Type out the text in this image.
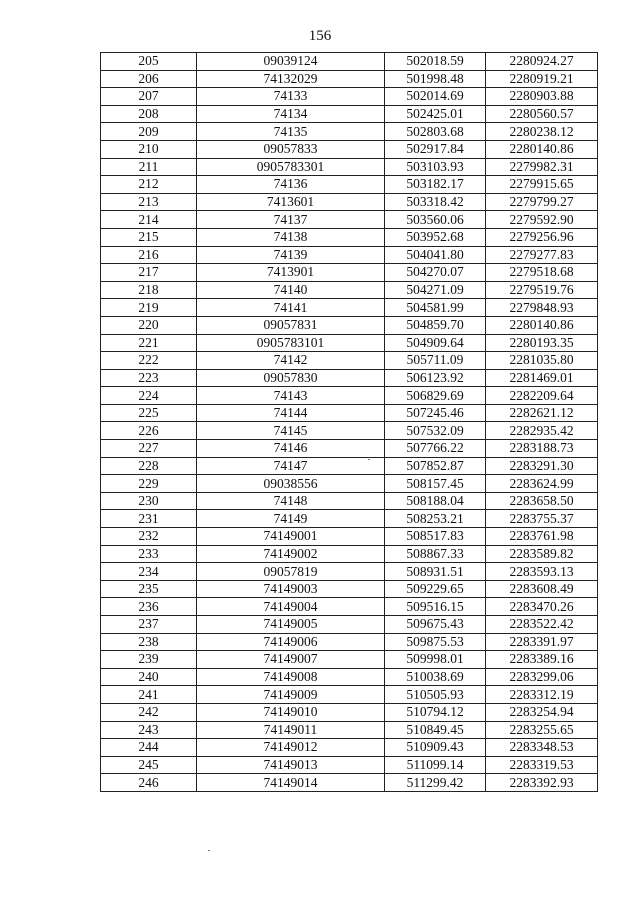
156
205	09039124	502018.59	2280924.27
206	74132029	501998.48	2280919.21
207	74133	502014.69	2280903.88
208	74134	502425.01	2280560.57
209	74135	502803.68	2280238.12
210	09057833	502917.84	2280140.86
211	0905783301	503103.93	2279982.31
212	74136	503182.17	2279915.65
213	7413601	503318.42	2279799.27
214	74137	503560.06	2279592.90
215	74138	503952.68	2279256.96
216	74139	504041.80	2279277.83
217	7413901	504270.07	2279518.68
218	74140	504271.09	2279519.76
219	74141	504581.99	2279848.93
220	09057831	504859.70	2280140.86
221	0905783101	504909.64	2280193.35
222	74142	505711.09	2281035.80
223	09057830	506123.92	2281469.01
224	74143	506829.69	2282209.64
225	74144	507245.46	2282621.12
226	74145	507532.09	2282935.42
227	74146	507766.22	2283188.73
228	74147	507852.87	2283291.30
229	09038556	508157.45	2283624.99
230	74148	508188.04	2283658.50
231	74149	508253.21	2283755.37
232	74149001	508517.83	2283761.98
233	74149002	508867.33	2283589.82
234	09057819	508931.51	2283593.13
235	74149003	509229.65	2283608.49
236	74149004	509516.15	2283470.26
237	74149005	509675.43	2283522.42
238	74149006	509875.53	2283391.97
239	74149007	509998.01	2283389.16
240	74149008	510038.69	2283299.06
241	74149009	510505.93	2283312.19
242	74149010	510794.12	2283254.94
243	74149011	510849.45	2283255.65
244	74149012	510909.43	2283348.53
245	74149013	511099.14	2283319.53
246	74149014	511299.42	2283392.93
